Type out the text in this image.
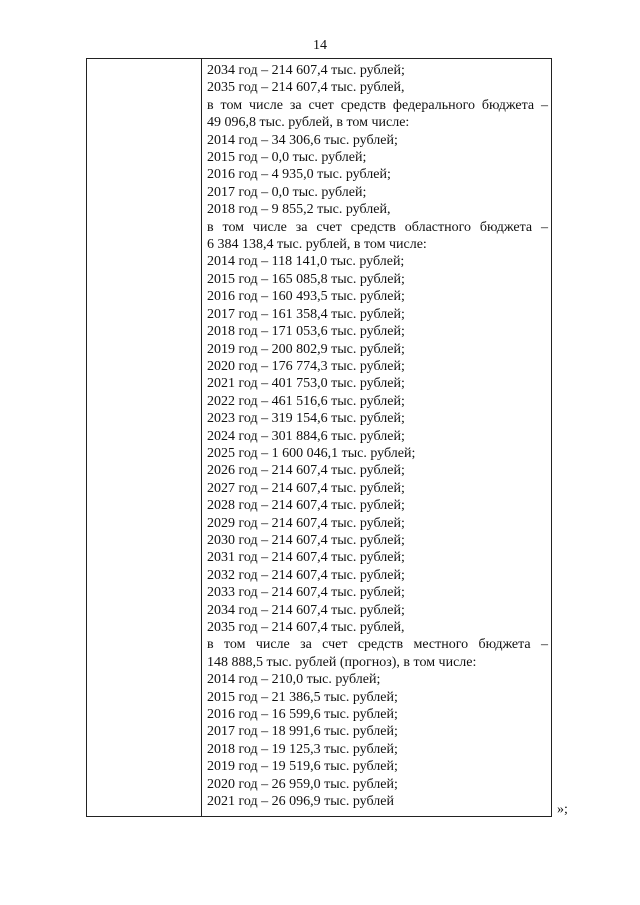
14
2034 год – 214 607,4 тыс. рублей;
2035 год – 214 607,4 тыс. рублей,
в том числе за счет средств федерального бюджета –
49 096,8 тыс. рублей, в том числе:
2014 год – 34 306,6 тыс. рублей;
2015 год – 0,0 тыс. рублей;
2016 год – 4 935,0 тыс. рублей;
2017 год – 0,0 тыс. рублей;
2018 год – 9 855,2 тыс. рублей,
в том числе за счет средств областного бюджета –
6 384 138,4 тыс. рублей, в том числе:
2014 год – 118 141,0 тыс. рублей;
2015 год – 165 085,8 тыс. рублей;
2016 год – 160 493,5 тыс. рублей;
2017 год – 161 358,4 тыс. рублей;
2018 год – 171 053,6 тыс. рублей;
2019 год – 200 802,9 тыс. рублей;
2020 год – 176 774,3 тыс. рублей;
2021 год – 401 753,0 тыс. рублей;
2022 год – 461 516,6 тыс. рублей;
2023 год – 319 154,6 тыс. рублей;
2024 год – 301 884,6 тыс. рублей;
2025 год – 1 600 046,1 тыс. рублей;
2026 год – 214 607,4 тыс. рублей;
2027 год – 214 607,4 тыс. рублей;
2028 год – 214 607,4 тыс. рублей;
2029 год – 214 607,4 тыс. рублей;
2030 год – 214 607,4 тыс. рублей;
2031 год – 214 607,4 тыс. рублей;
2032 год – 214 607,4 тыс. рублей;
2033 год – 214 607,4 тыс. рублей;
2034 год – 214 607,4 тыс. рублей;
2035 год – 214 607,4 тыс. рублей,
в том числе за счет средств местного бюджета –
148 888,5 тыс. рублей (прогноз), в том числе:
2014 год – 210,0 тыс. рублей;
2015 год – 21 386,5 тыс. рублей;
2016 год – 16 599,6 тыс. рублей;
2017 год – 18 991,6 тыс. рублей;
2018 год – 19 125,3 тыс. рублей;
2019 год – 19 519,6 тыс. рублей;
2020 год – 26 959,0 тыс. рублей;
2021 год – 26 096,9 тыс. рублей
»;
